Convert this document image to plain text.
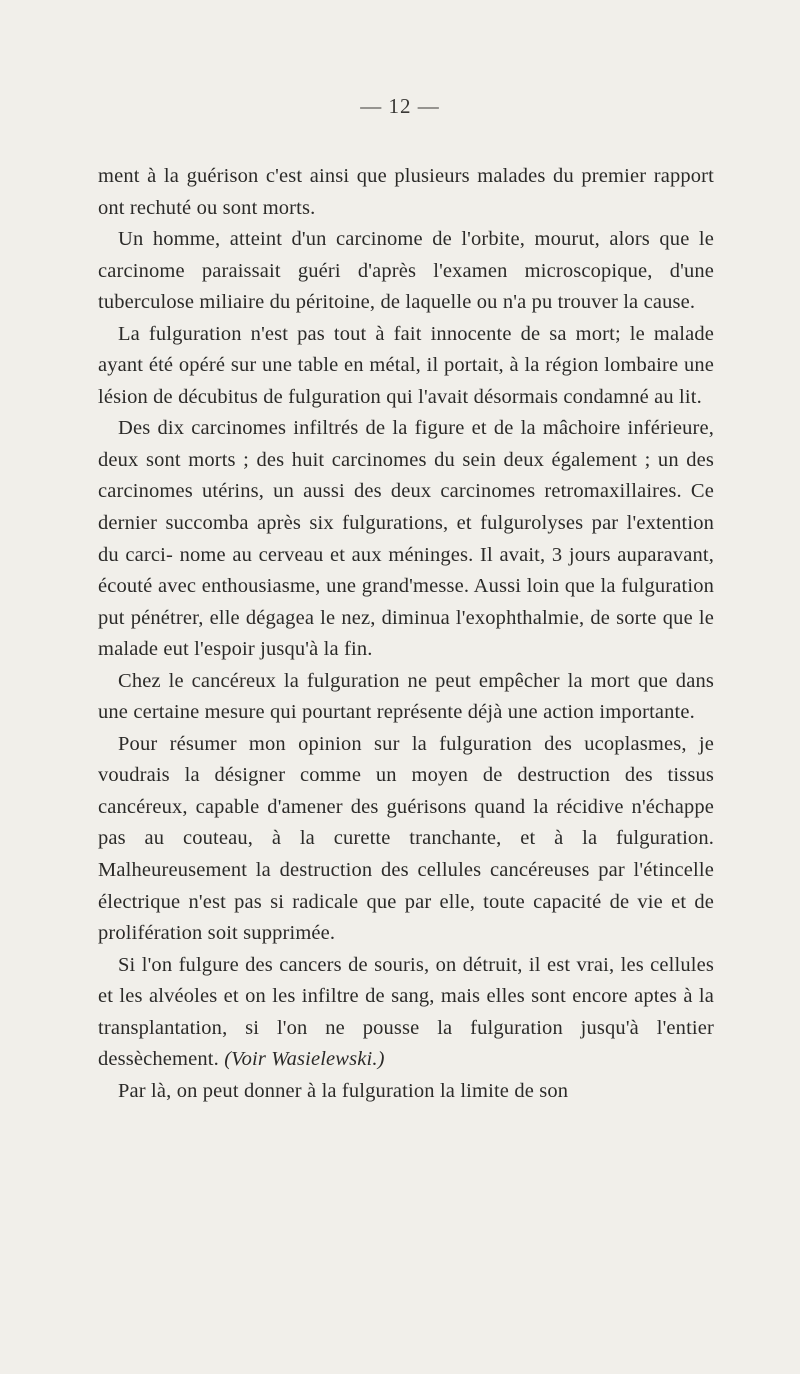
— 12 —

ment à la guérison c'est ainsi que plusieurs malades du premier rapport ont rechuté ou sont morts.

Un homme, atteint d'un carcinome de l'orbite, mourut, alors que le carcinome paraissait guéri d'après l'examen microscopique, d'une tuberculose miliaire du péritoine, de laquelle ou n'a pu trouver la cause.

La fulguration n'est pas tout à fait innocente de sa mort; le malade ayant été opéré sur une table en métal, il portait, à la région lombaire une lésion de décubitus de fulguration qui l'avait désormais condamné au lit.

Des dix carcinomes infiltrés de la figure et de la mâchoire inférieure, deux sont morts ; des huit carcinomes du sein deux également ; un des carcinomes utérins, un aussi des deux carcinomes retromaxillaires. Ce dernier succomba après six fulgurations, et fulgurolyses par l'extention du carci- nome au cerveau et aux méninges. Il avait, 3 jours auparavant, écouté avec enthousiasme, une grand'messe. Aussi loin que la fulguration put pénétrer, elle dégagea le nez, diminua l'exophthalmie, de sorte que le malade eut l'espoir jusqu'à la fin.

Chez le cancéreux la fulguration ne peut empêcher la mort que dans une certaine mesure qui pourtant représente déjà une action importante.

Pour résumer mon opinion sur la fulguration des ucoplasmes, je voudrais la désigner comme un moyen de destruction des tissus cancéreux, capable d'amener des guérisons quand la récidive n'échappe pas au couteau, à la curette tranchante, et à la fulguration. Malheureusement la destruction des cellules cancéreuses par l'étincelle électrique n'est pas si radicale que par elle, toute capacité de vie et de prolifération soit supprimée.

Si l'on fulgure des cancers de souris, on détruit, il est vrai, les cellules et les alvéoles et on les infiltre de sang, mais elles sont encore aptes à la transplantation, si l'on ne pousse la fulguration jusqu'à l'entier dessèchement. (Voir Wasielewski.)

Par là, on peut donner à la fulguration la limite de son
